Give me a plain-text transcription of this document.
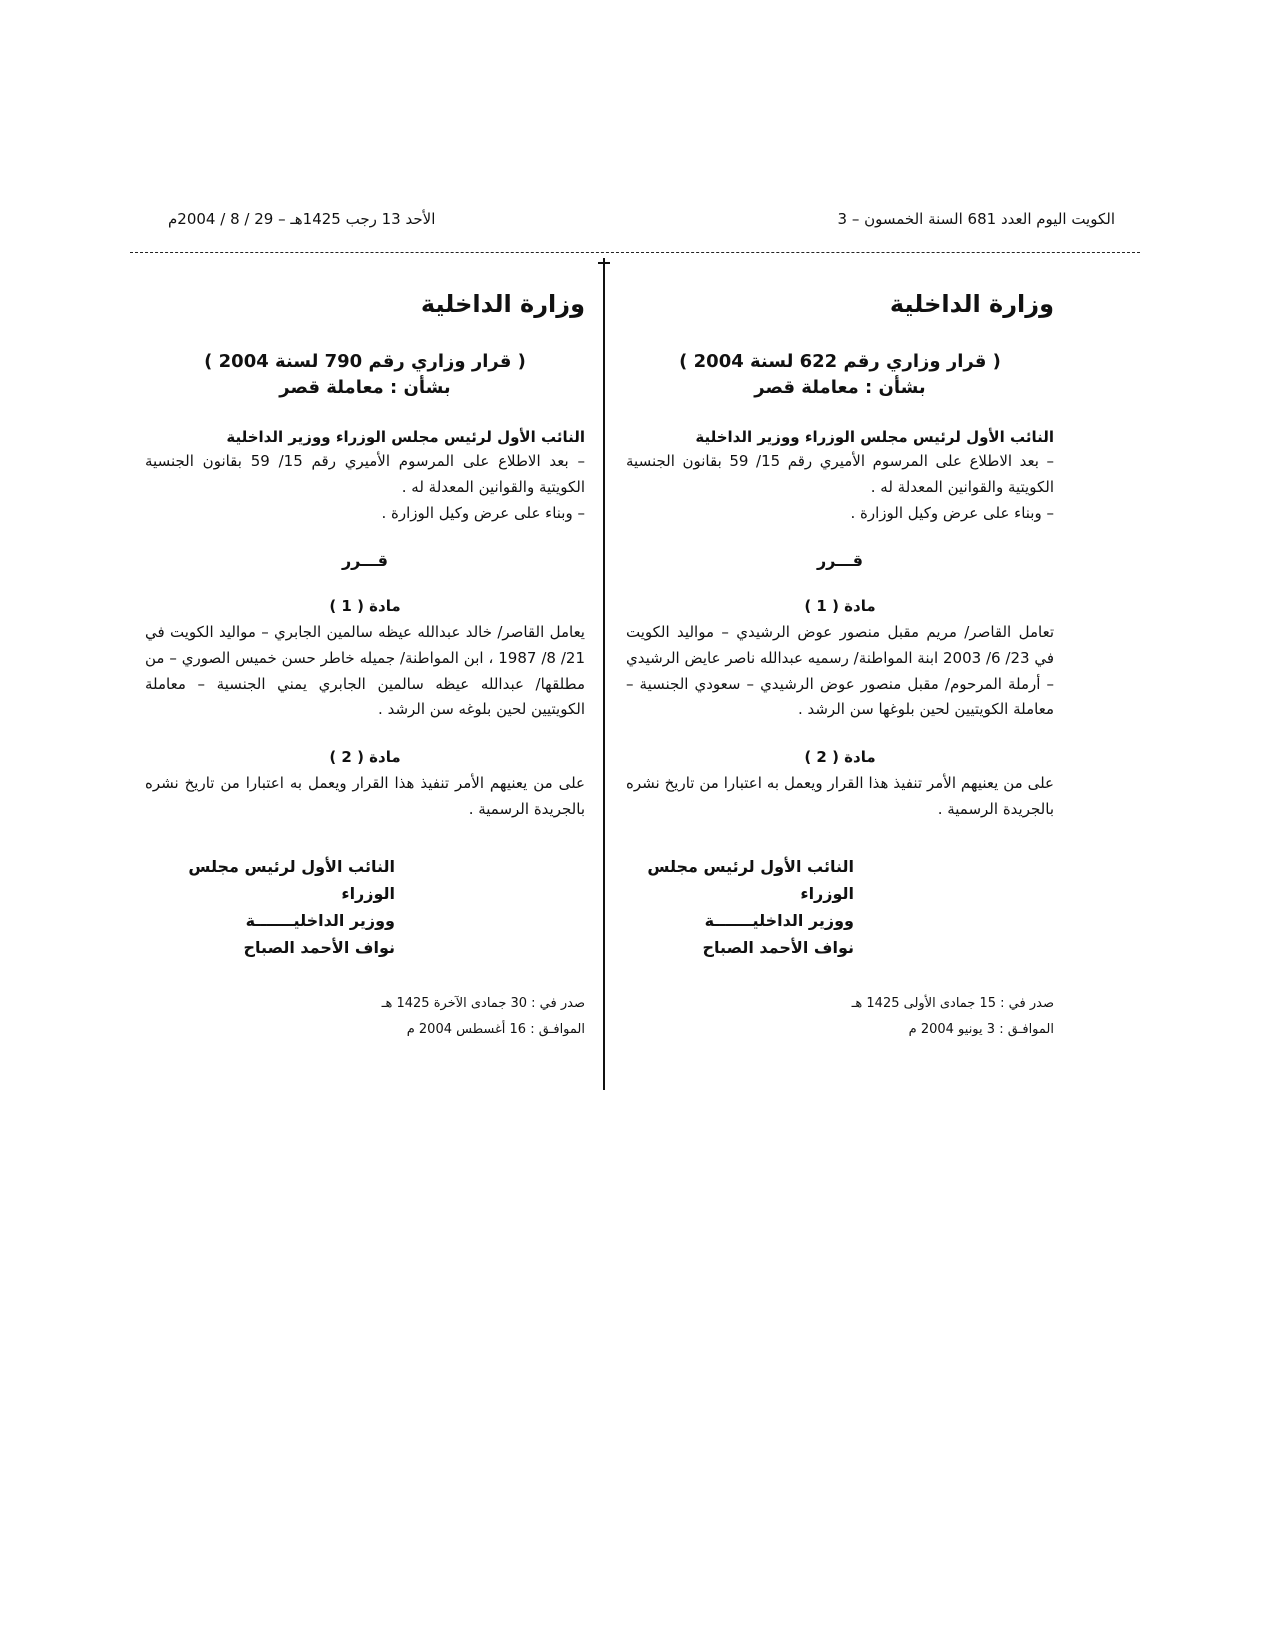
الكويت اليوم العدد 681 السنة الخمسون – 3
الأحد 13 رجب 1425هـ – 29 / 8 / 2004م

وزارة الداخلية

( قرار وزاري رقم 622 لسنة 2004 )

بشأن : معاملة قصر

النائب الأول لرئيس مجلس الوزراء ووزير الداخلية

– بعد الاطلاع على المرسوم الأميري رقم 15/ 59 بقانون الجنسية الكويتية والقوانين المعدلة له .

– وبناء على عرض وكيل الوزارة .

قـــرر

مادة ( 1 )

تعامل القاصر/ مريم مقبل منصور عوض الرشيدي – مواليد الكويت في 23/ 6/ 2003 ابنة المواطنة/ رسميه عبدالله ناصر عايض الرشيدي – أرملة المرحوم/ مقبل منصور عوض الرشيدي – سعودي الجنسية – معاملة الكويتيين لحين بلوغها سن الرشد .

مادة ( 2 )

على من يعنيهم الأمر تنفيذ هذا القرار ويعمل به اعتبارا من تاريخ نشره بالجريدة الرسمية .

النائب الأول لرئيس مجلس الوزراء

ووزير الداخليـــــــة

نواف الأحمد الصباح

صدر في : 15 جمادى الأولى 1425 هـ

الموافـق : 3 يونيو 2004 م

وزارة الداخلية

( قرار وزاري رقم 790 لسنة 2004 )

بشأن : معاملة قصر

النائب الأول لرئيس مجلس الوزراء ووزير الداخلية

– بعد الاطلاع على المرسوم الأميري رقم 15/ 59 بقانون الجنسية الكويتية والقوانين المعدلة له .

– وبناء على عرض وكيل الوزارة .

قـــرر

مادة ( 1 )

يعامل القاصر/ خالد عبدالله عيظه سالمين الجابري – مواليد الكويت في 21/ 8/ 1987 ، ابن المواطنة/ جميله خاطر حسن خميس الصوري – من مطلقها/ عبدالله عيظه سالمين الجابري يمني الجنسية – معاملة الكويتيين لحين بلوغه سن الرشد .

مادة ( 2 )

على من يعنيهم الأمر تنفيذ هذا القرار ويعمل به اعتبارا من تاريخ نشره بالجريدة الرسمية .

النائب الأول لرئيس مجلس الوزراء

ووزير الداخليـــــــة

نواف الأحمد الصباح

صدر في : 30 جمادى الآخرة 1425 هـ

الموافـق : 16 أغسطس 2004 م
